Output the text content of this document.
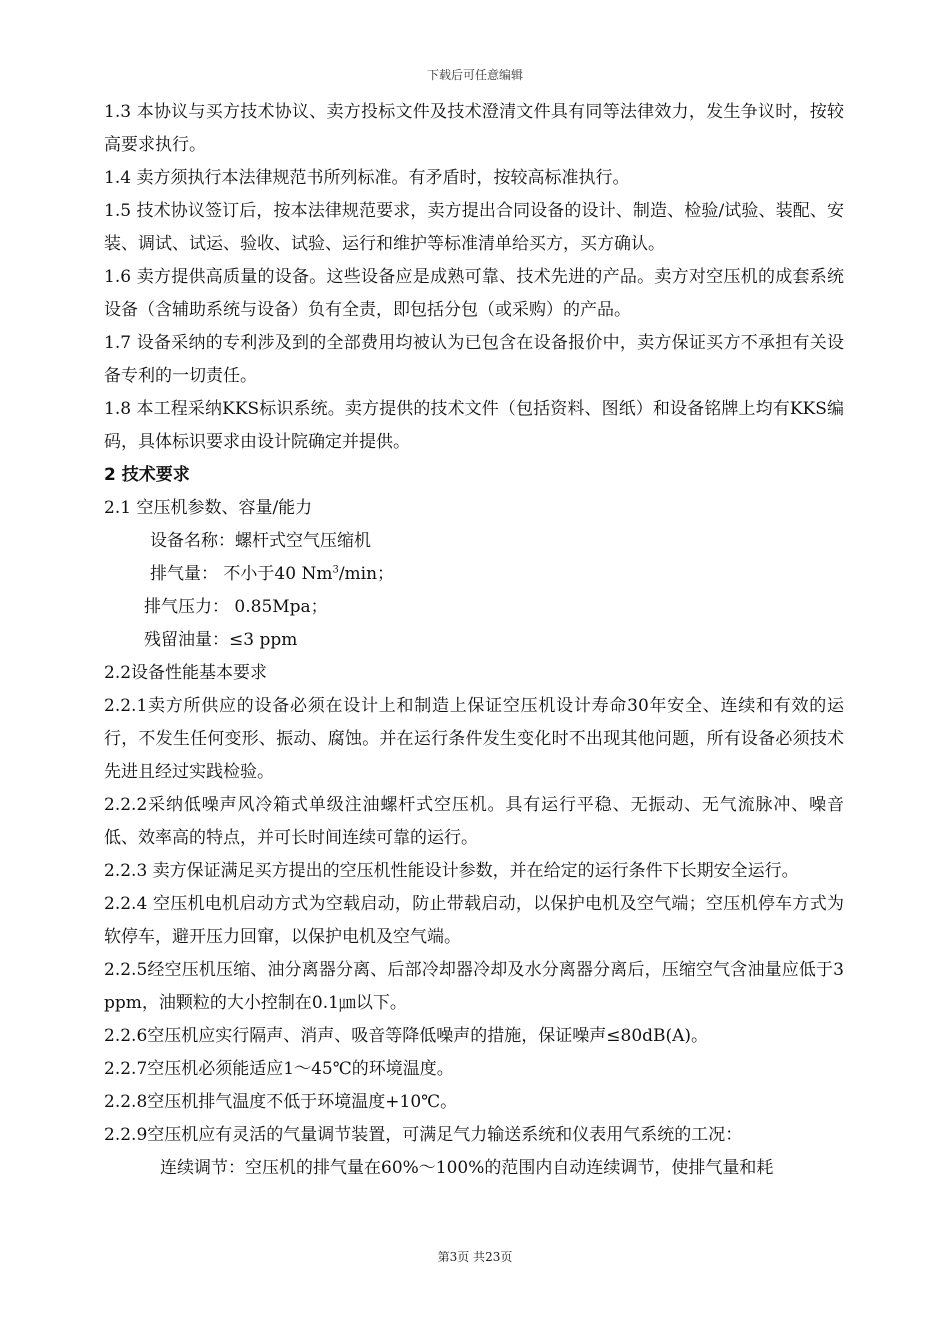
下载后可任意编辑

1.3 本协议与买方技术协议、卖方投标文件及技术澄清文件具有同等法律效力，发生争议时，按较高要求执行。

1.4 卖方须执行本法律规范书所列标准。有矛盾时，按较高标准执行。

1.5 技术协议签订后，按本法律规范要求，卖方提出合同设备的设计、制造、检验/试验、装配、安装、调试、试运、验收、试验、运行和维护等标准清单给买方，买方确认。

1.6 卖方提供高质量的设备。这些设备应是成熟可靠、技术先进的产品。卖方对空压机的成套系统设备（含辅助系统与设备）负有全责，即包括分包（或采购）的产品。

1.7 设备采纳的专利涉及到的全部费用均被认为已包含在设备报价中，卖方保证买方不承担有关设备专利的一切责任。

1.8 本工程采纳KKS标识系统。卖方提供的技术文件（包括资料、图纸）和设备铭牌上均有KKS编码，具体标识要求由设计院确定并提供。

2 技术要求

2.1 空压机参数、容量/能力

设备名称：螺杆式空气压缩机

排气量： 不小于40 Nm$^3$/min；

排气压力： 0.85Mpa；

残留油量：≤3 ppm

2.2设备性能基本要求

2.2.1卖方所供应的设备必须在设计上和制造上保证空压机设计寿命30年安全、连续和有效的运行，不发生任何变形、振动、腐蚀。并在运行条件发生变化时不出现其他问题，所有设备必须技术先进且经过实践检验。

2.2.2采纳低噪声风冷箱式单级注油螺杆式空压机。具有运行平稳、无振动、无气流脉冲、噪音低、效率高的特点，并可长时间连续可靠的运行。

2.2.3 卖方保证满足买方提出的空压机性能设计参数，并在给定的运行条件下长期安全运行。

2.2.4 空压机电机启动方式为空载启动，防止带载启动，以保护电机及空气端；空压机停车方式为软停车，避开压力回窜，以保护电机及空气端。

2.2.5经空压机压缩、油分离器分离、后部冷却器冷却及水分离器分离后，压缩空气含油量应低于3 ppm，油颗粒的大小控制在0.1㎛以下。

2.2.6空压机应实行隔声、消声、吸音等降低噪声的措施，保证噪声≤80dB(A)。

2.2.7空压机必须能适应1～45℃的环境温度。

2.2.8空压机排气温度不低于环境温度+10℃。

2.2.9空压机应有灵活的气量调节装置，可满足气力输送系统和仪表用气系统的工况：

连续调节：空压机的排气量在60%～100%的范围内自动连续调节，使排气量和耗

第3页 共23页
